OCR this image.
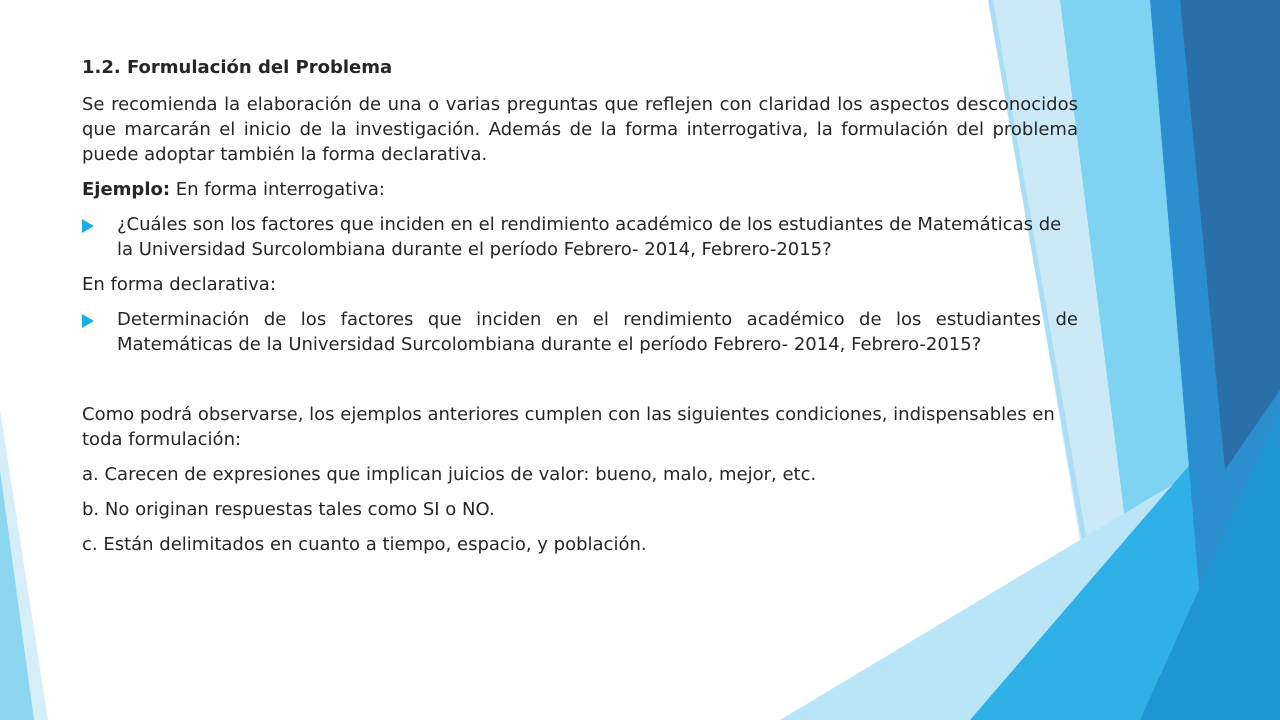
1.2. Formulación del Problema
Se recomienda la elaboración de una o varias preguntas que reflejen con claridad los aspectos desconocidos que marcarán el inicio de la investigación. Además de la forma interrogativa, la formulación del problema puede adoptar también la forma declarativa.
Ejemplo: En forma interrogativa:
¿Cuáles son los factores que inciden en el rendimiento académico de los estudiantes de Matemáticas de la Universidad Surcolombiana durante el período Febrero- 2014, Febrero-2015?
En forma declarativa:
Determinación de los factores que inciden en el rendimiento académico de los estudiantes de Matemáticas de la Universidad Surcolombiana durante el período Febrero- 2014, Febrero-2015?
Como podrá observarse, los ejemplos anteriores cumplen con las siguientes condiciones, indispensables en toda formulación:
a. Carecen de expresiones que implican juicios de valor: bueno, malo, mejor, etc.
b. No originan respuestas tales como SI o NO.
c. Están delimitados en cuanto a tiempo, espacio, y población.
